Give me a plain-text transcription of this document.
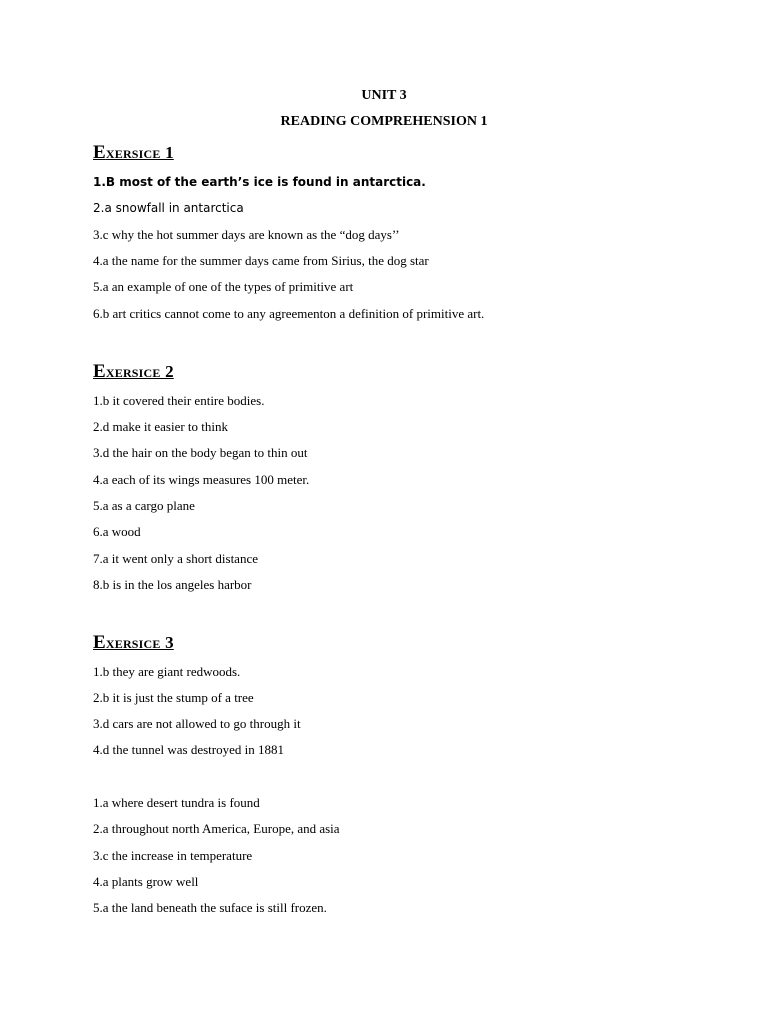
UNIT 3
READING COMPREHENSION 1
Exersice 1
1.B most of the earth’s ice is found in antarctica.
2.a snowfall in antarctica
3.c why the hot summer days are known as the “dog days’’
4.a the name for the summer days came from Sirius, the dog star
5.a an example of one of the types of primitive art
6.b art critics cannot come to any agreementon a definition of primitive art.
Exersice 2
1.b it covered their entire bodies.
2.d make it easier to think
3.d the hair on the body began to thin out
4.a each of its wings measures 100 meter.
5.a as a cargo plane
6.a wood
7.a it went only a short distance
8.b is in the los angeles harbor
Exersice 3
1.b they are giant redwoods.
2.b it is just the stump of a tree
3.d cars are not allowed to go through it
4.d the tunnel was destroyed in 1881
1.a where desert tundra is found
2.a throughout north America, Europe, and asia
3.c the increase in temperature
4.a plants grow well
5.a the land beneath the suface is still frozen.
